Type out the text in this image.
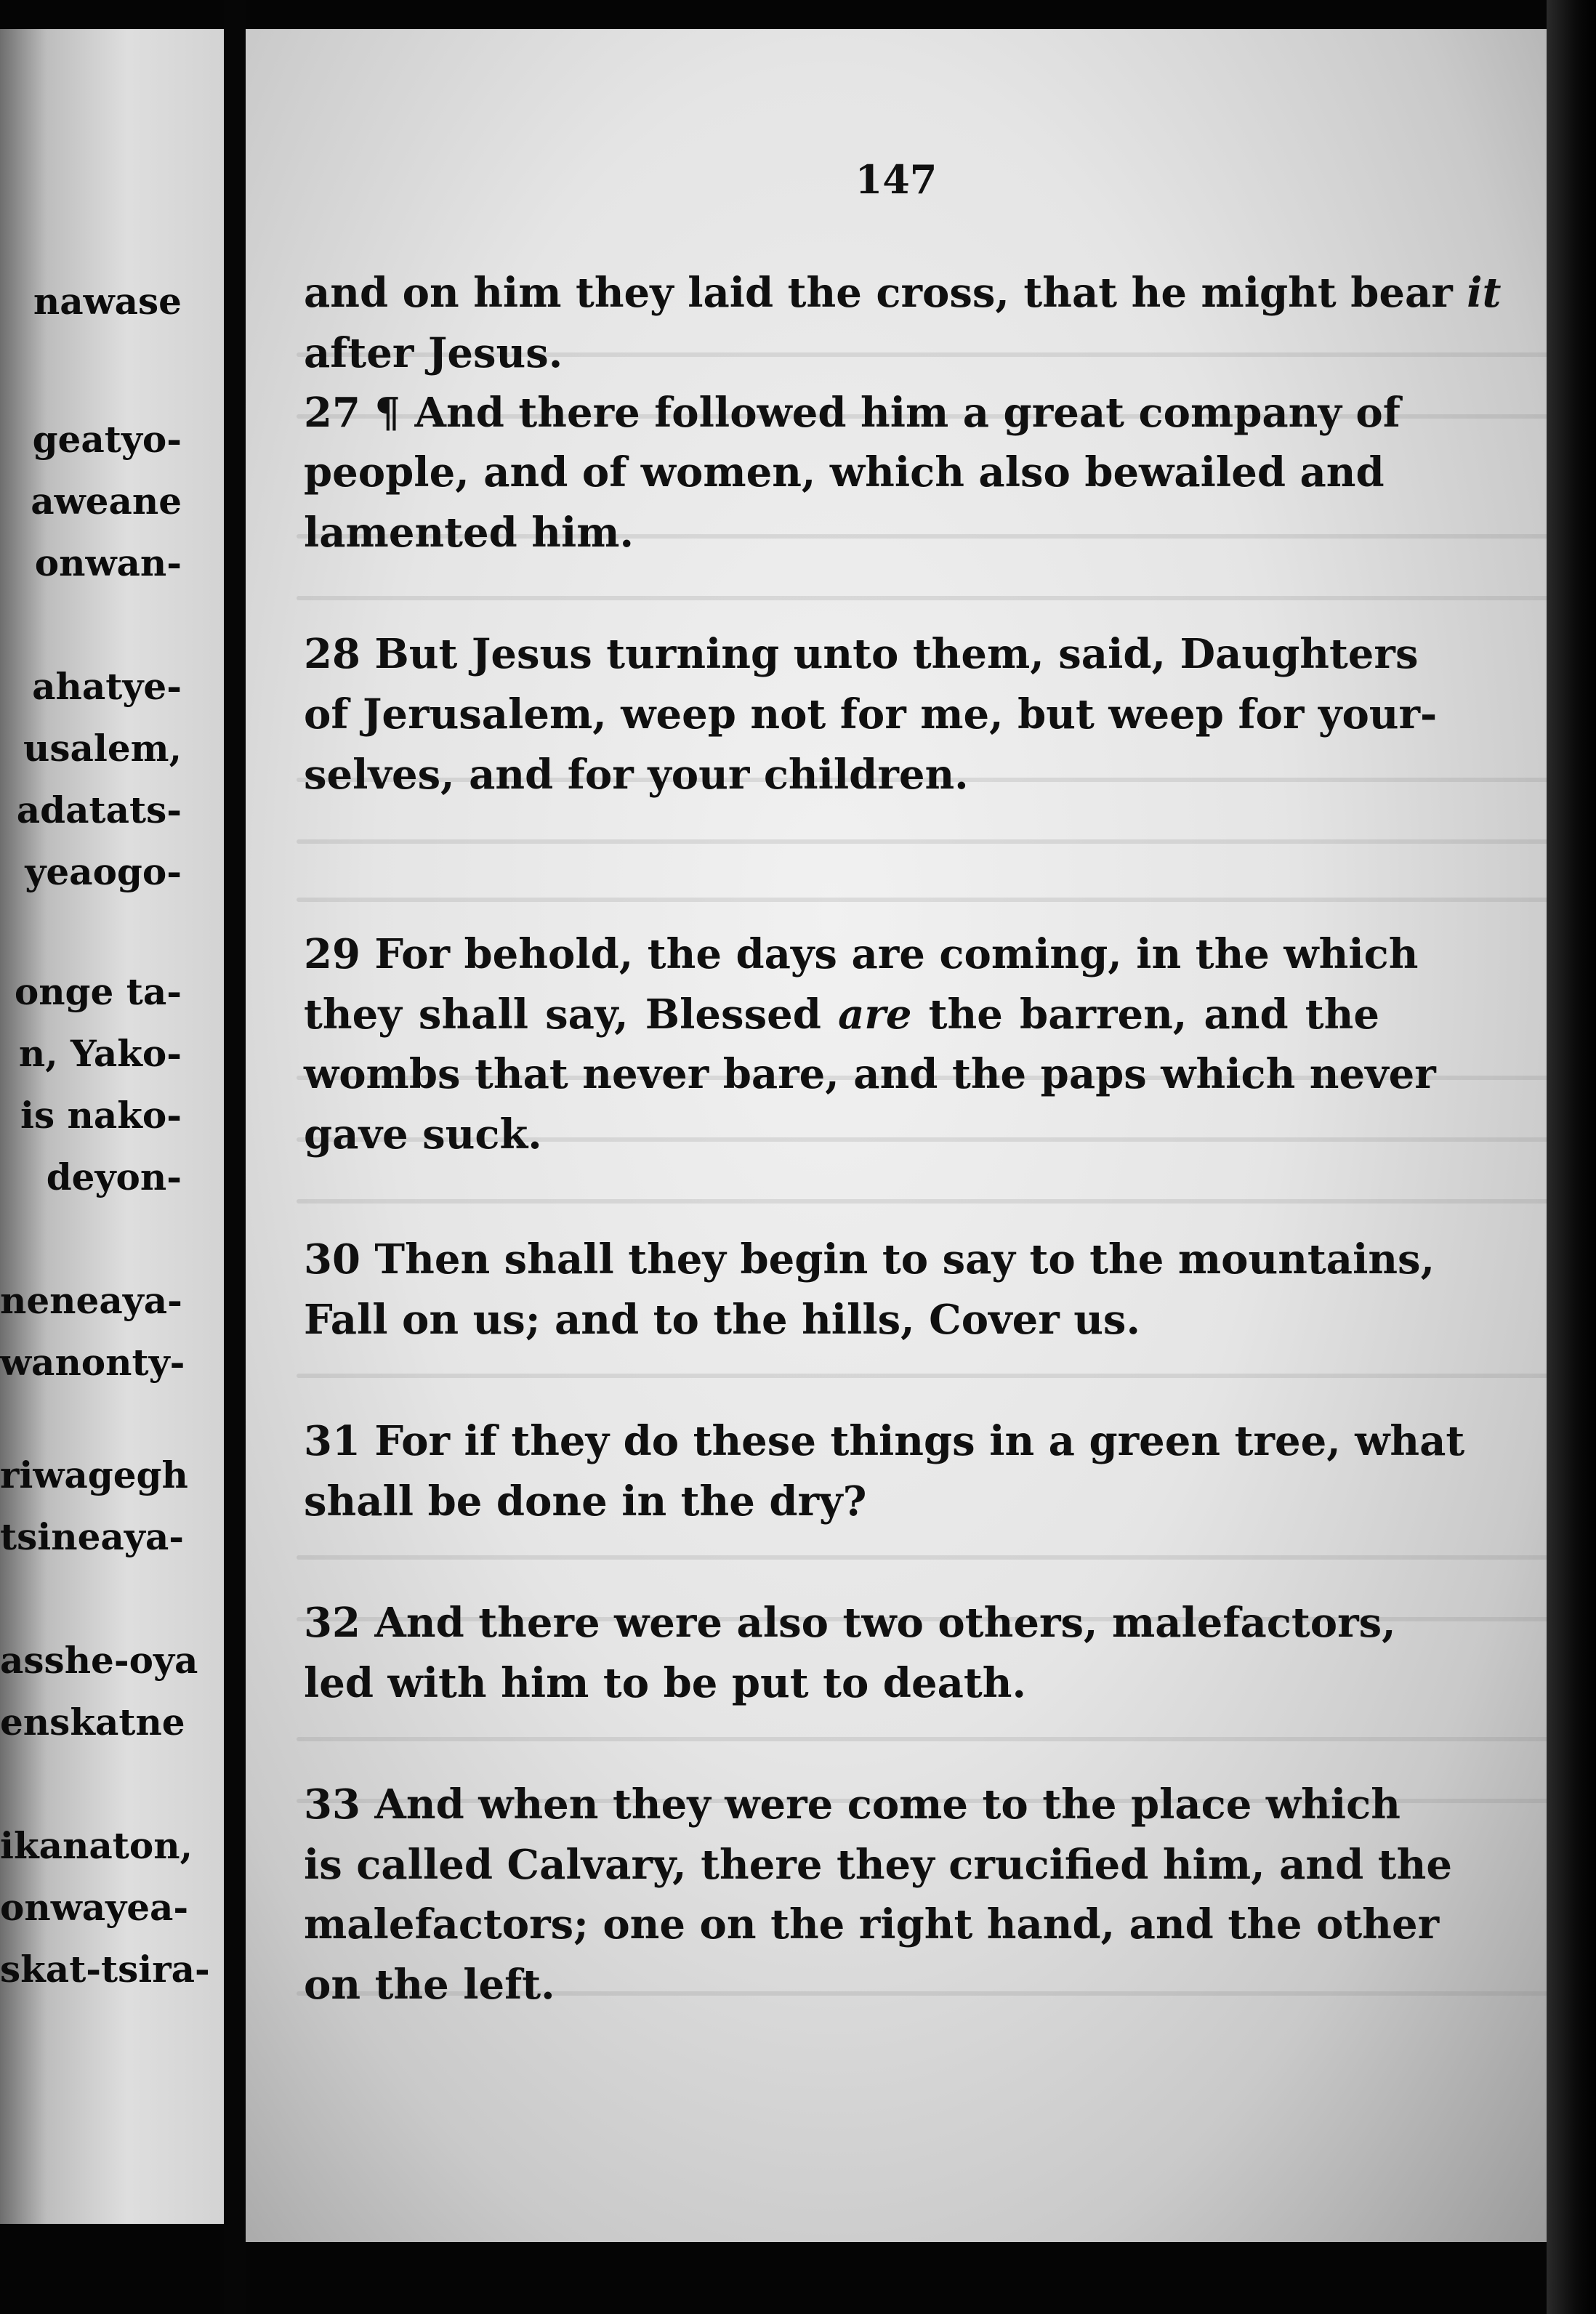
nawase
geatyo-
aweane
onwan-
ahatye-
usalem,
adatats-
yeaogo-
onge ta-
n, Yako-
is nako-
deyon-
neneaya-
wanonty-
riwagegh
tsineaya-
asshe-oya
enskatne
ikanaton,
onwayea-
skat-tsira-
147
and on him they laid the cross, that he might bear it
after Jesus.
27 ¶ And there followed him a great company of
people, and of women, which also bewailed and
lamented him.
28 But Jesus turning unto them, said, Daughters
of Jerusalem, weep not for me, but weep for your-
selves, and for your children.
29 For behold, the days are coming, in the which
they shall say, Blessed are the barren, and the
wombs that never bare, and the paps which never
gave suck.
30 Then shall they begin to say to the mountains,
Fall on us; and to the hills, Cover us.
31 For if they do these things in a green tree, what
shall be done in the dry?
32 And there were also two others, malefactors,
led with him to be put to death.
33 And when they were come to the place which
is called Calvary, there they crucified him, and the
malefactors; one on the right hand, and the other
on the left.
